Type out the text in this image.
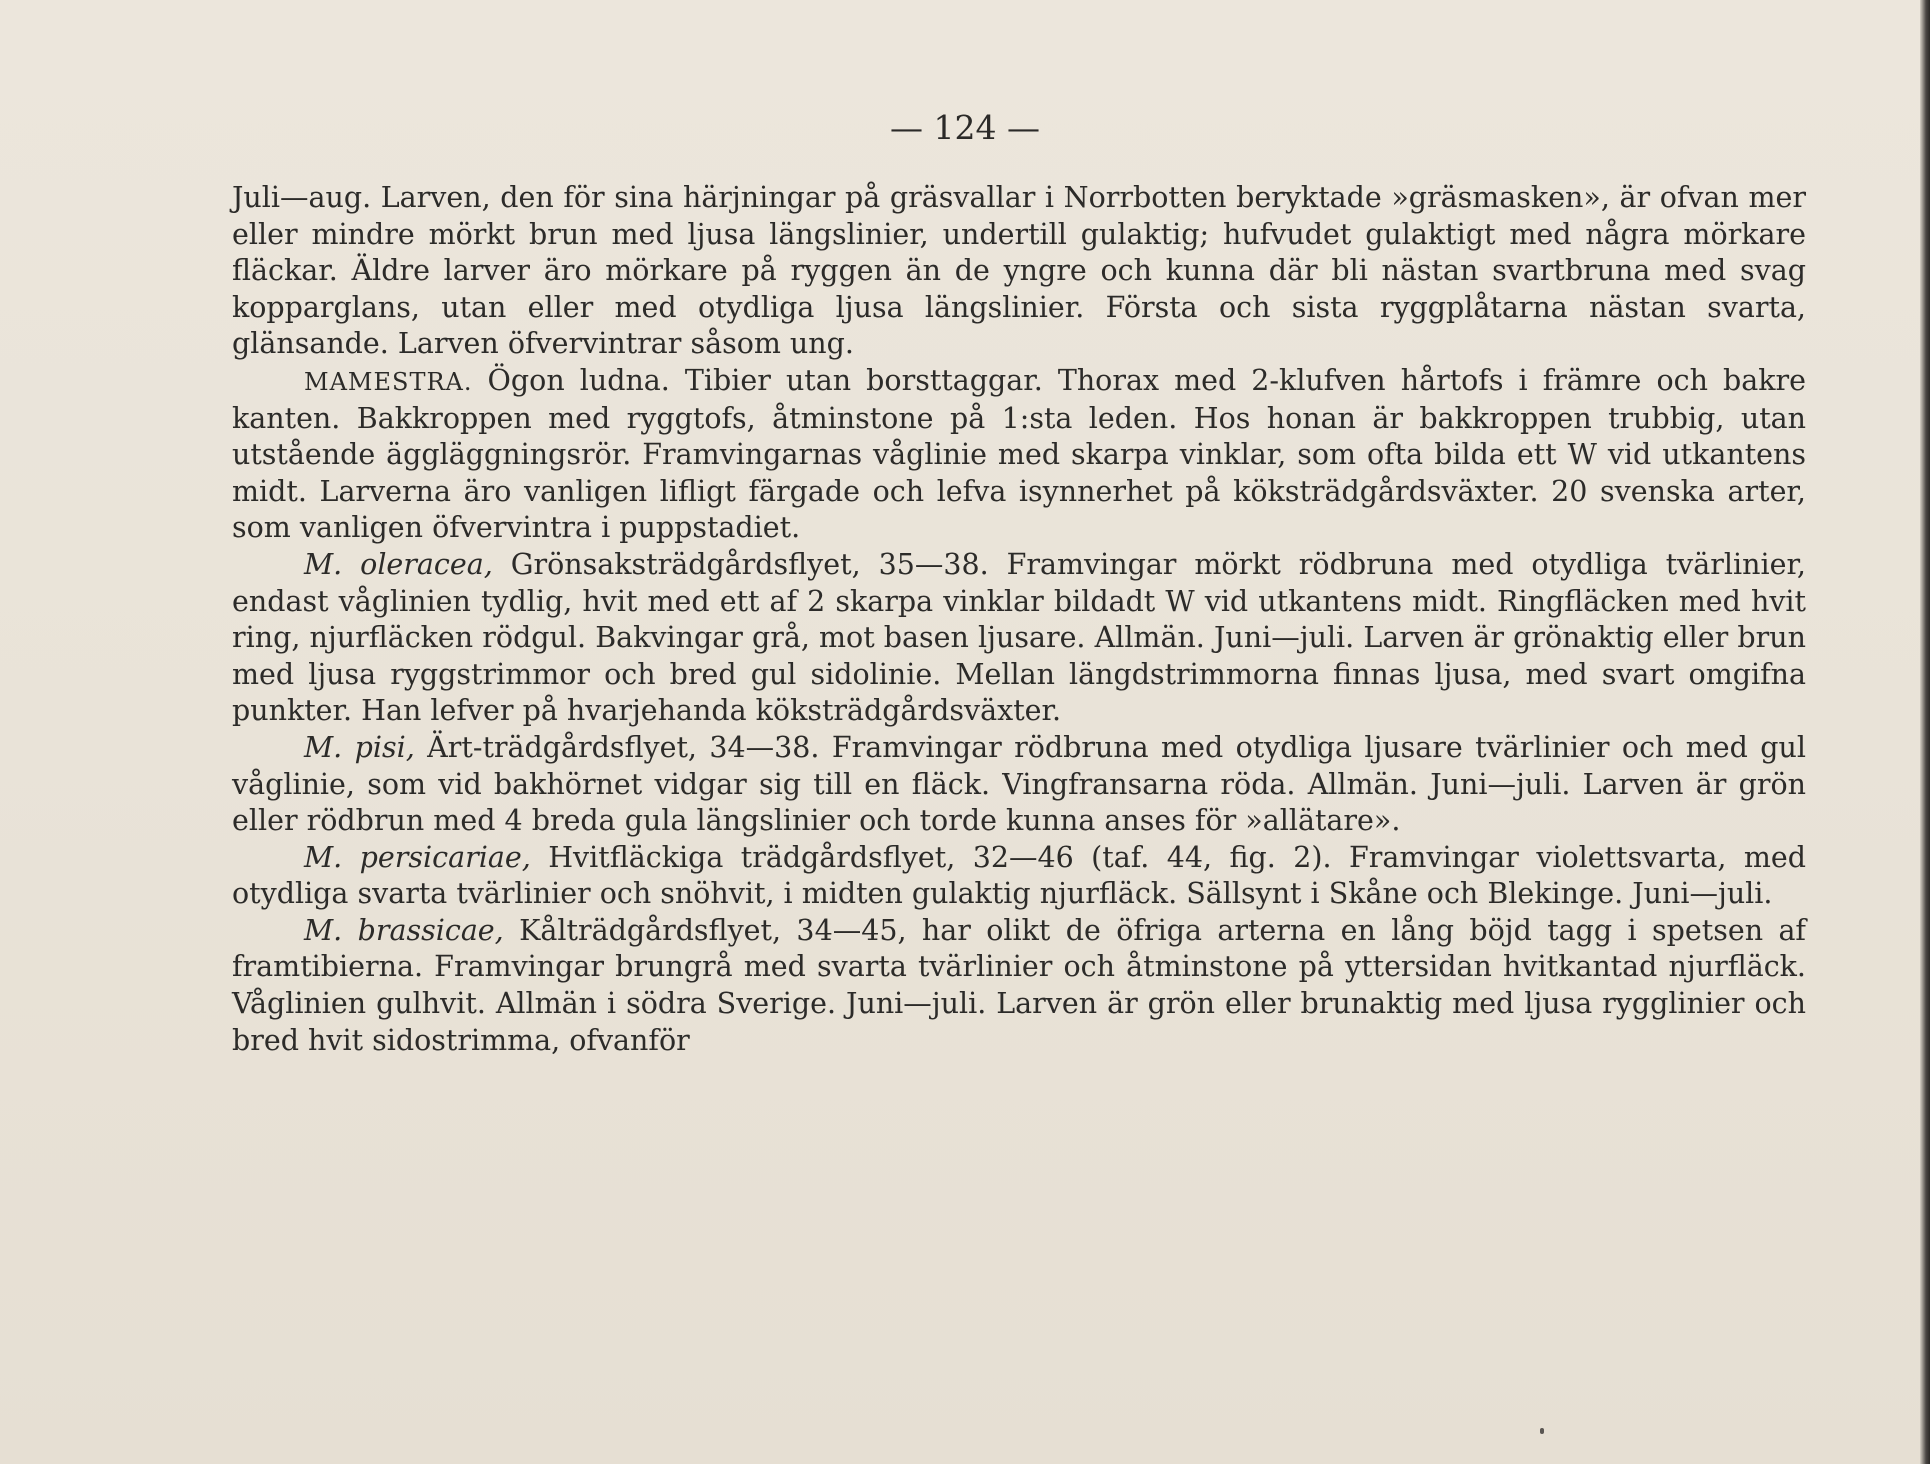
— 124 —

Juli—aug. Larven, den för sina härjningar på gräsvallar i Norrbotten beryktade »gräsmasken», är ofvan mer eller mindre mörkt brun med ljusa längslinier, undertill gulaktig; hufvudet gulaktigt med några mörkare fläckar. Äldre larver äro mörkare på ryggen än de yngre och kunna där bli nästan svartbruna med svag kopparglans, utan eller med otydliga ljusa längslinier. Första och sista ryggplåtarna nästan svarta, glänsande. Larven öfvervintrar såsom ung.

MAMESTRA. Ögon ludna. Tibier utan borsttaggar. Thorax med 2-klufven hårtofs i främre och bakre kanten. Bakkroppen med ryggtofs, åtminstone på 1:sta leden. Hos honan är bakkroppen trubbig, utan utstående äggläggningsrör. Framvingarnas våglinie med skarpa vinklar, som ofta bilda ett W vid utkantens midt. Larverna äro vanligen lifligt färgade och lefva isynnerhet på köksträdgårdsväxter. 20 svenska arter, som vanligen öfvervintra i puppstadiet.

M. oleracea, Grönsaksträdgårdsflyet, 35—38. Framvingar mörkt rödbruna med otydliga tvärlinier, endast våglinien tydlig, hvit med ett af 2 skarpa vinklar bildadt W vid utkantens midt. Ringfläcken med hvit ring, njurfläcken rödgul. Bakvingar grå, mot basen ljusare. Allmän. Juni—juli. Larven är grönaktig eller brun med ljusa ryggstrimmor och bred gul sidolinie. Mellan längdstrimmorna finnas ljusa, med svart omgifna punkter. Han lefver på hvarjehanda köksträdgårdsväxter.

M. pisi, Ärt-trädgårdsflyet, 34—38. Framvingar rödbruna med otydliga ljusare tvärlinier och med gul våglinie, som vid bakhörnet vidgar sig till en fläck. Vingfransarna röda. Allmän. Juni—juli. Larven är grön eller rödbrun med 4 breda gula längslinier och torde kunna anses för »allätare».

M. persicariae, Hvitfläckiga trädgårdsflyet, 32—46 (taf. 44, fig. 2). Framvingar violettsvarta, med otydliga svarta tvärlinier och snöhvit, i midten gulaktig njurfläck. Sällsynt i Skåne och Blekinge. Juni—juli.

M. brassicae, Kålträdgårdsflyet, 34—45, har olikt de öfriga arterna en lång böjd tagg i spetsen af framtibierna. Framvingar brungrå med svarta tvärlinier och åtminstone på yttersidan hvitkantad njurfläck. Våglinien gulhvit. Allmän i södra Sverige. Juni—juli. Larven är grön eller brunaktig med ljusa rygglinier och bred hvit sidostrimma, ofvanför
